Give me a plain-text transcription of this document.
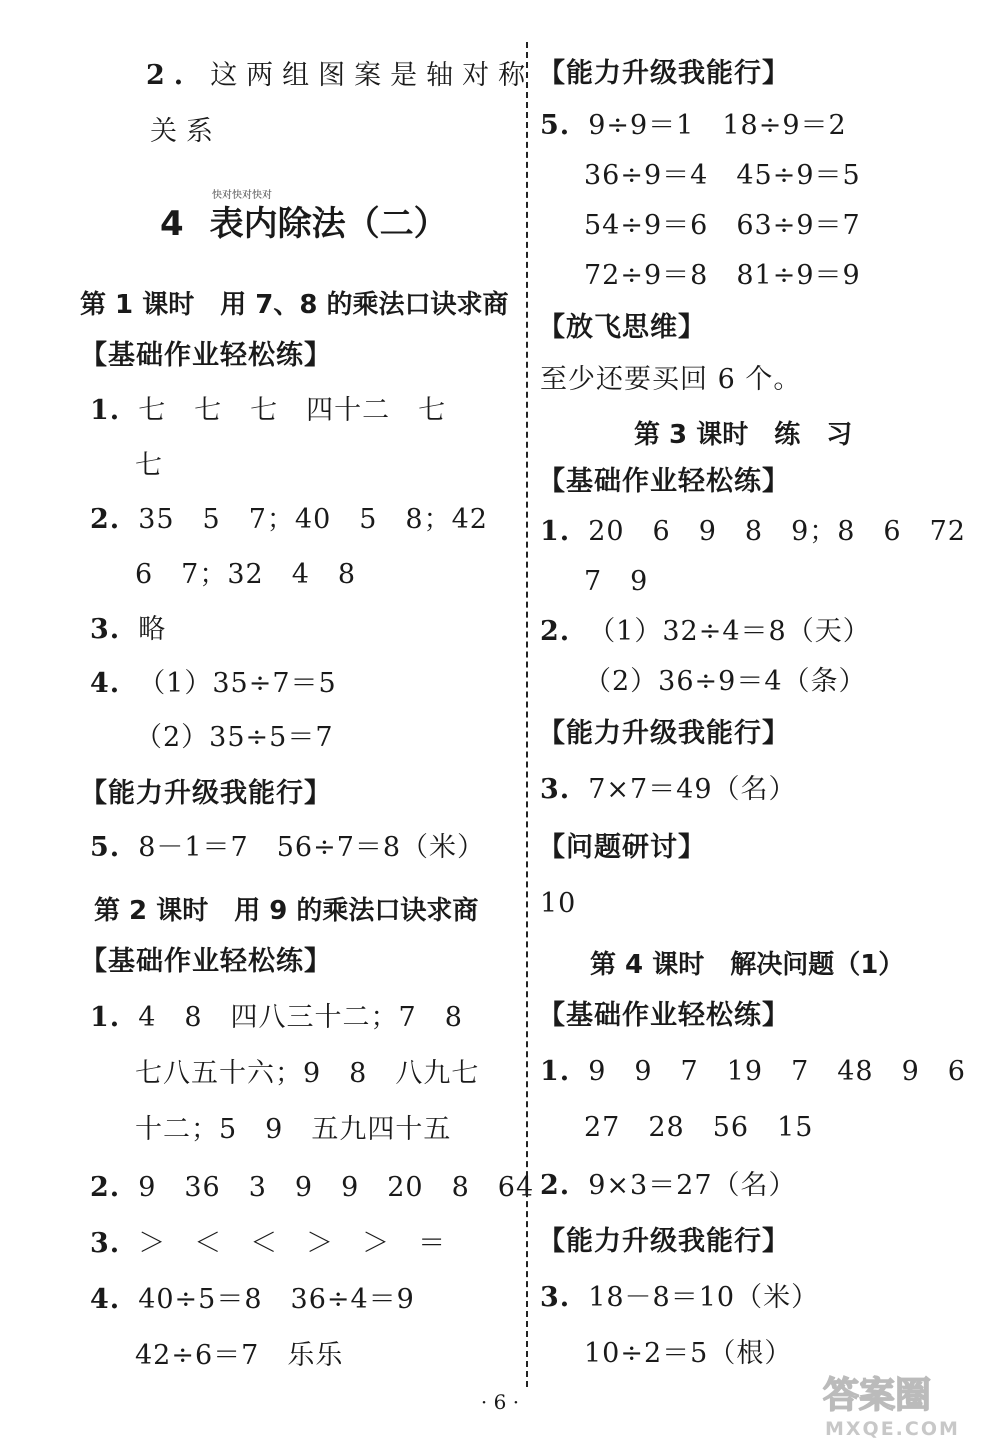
2. 这两组图案是轴对称
关系
快对快对快对
4 表内除法（二）
第 1 课时　用 7、8 的乘法口诀求商
【基础作业轻松练】
1. 七　七　七　四十二　七
七
2. 35　5　7；40　5　8；42
6　7；32　4　8
3. 略
4. （1）35÷7＝5
（2）35÷5＝7
【能力升级我能行】
5. 8－1＝7　56÷7＝8（米）
第 2 课时　用 9 的乘法口诀求商
【基础作业轻松练】
1. 4　8　四八三十二；7　8
七八五十六；9　8　八九七
十二；5　9　五九四十五
2. 9　36　3　9　9　20　8　64
3. ＞　＜　＜　＞　＞　＝
4. 40÷5＝8　36÷4＝9
42÷6＝7　乐乐
【能力升级我能行】
5. 9÷9＝1　18÷9＝2
36÷9＝4　45÷9＝5
54÷9＝6　63÷9＝7
72÷9＝8　81÷9＝9
【放飞思维】
至少还要买回 6 个。
第 3 课时　练　习
【基础作业轻松练】
1. 20　6　9　8　9；8　6　72
7　9
2. （1）32÷4＝8（天）
（2）36÷9＝4（条）
【能力升级我能行】
3. 7×7＝49（名）
【问题研讨】
10
第 4 课时　解决问题（1）
【基础作业轻松练】
1. 9　9　7　19　7　48　9　6
27　28　56　15
2. 9×3＝27（名）
【能力升级我能行】
3. 18－8＝10（米）
10÷2＝5（根）
· 6 ·	答案圈
MXQE.COM
